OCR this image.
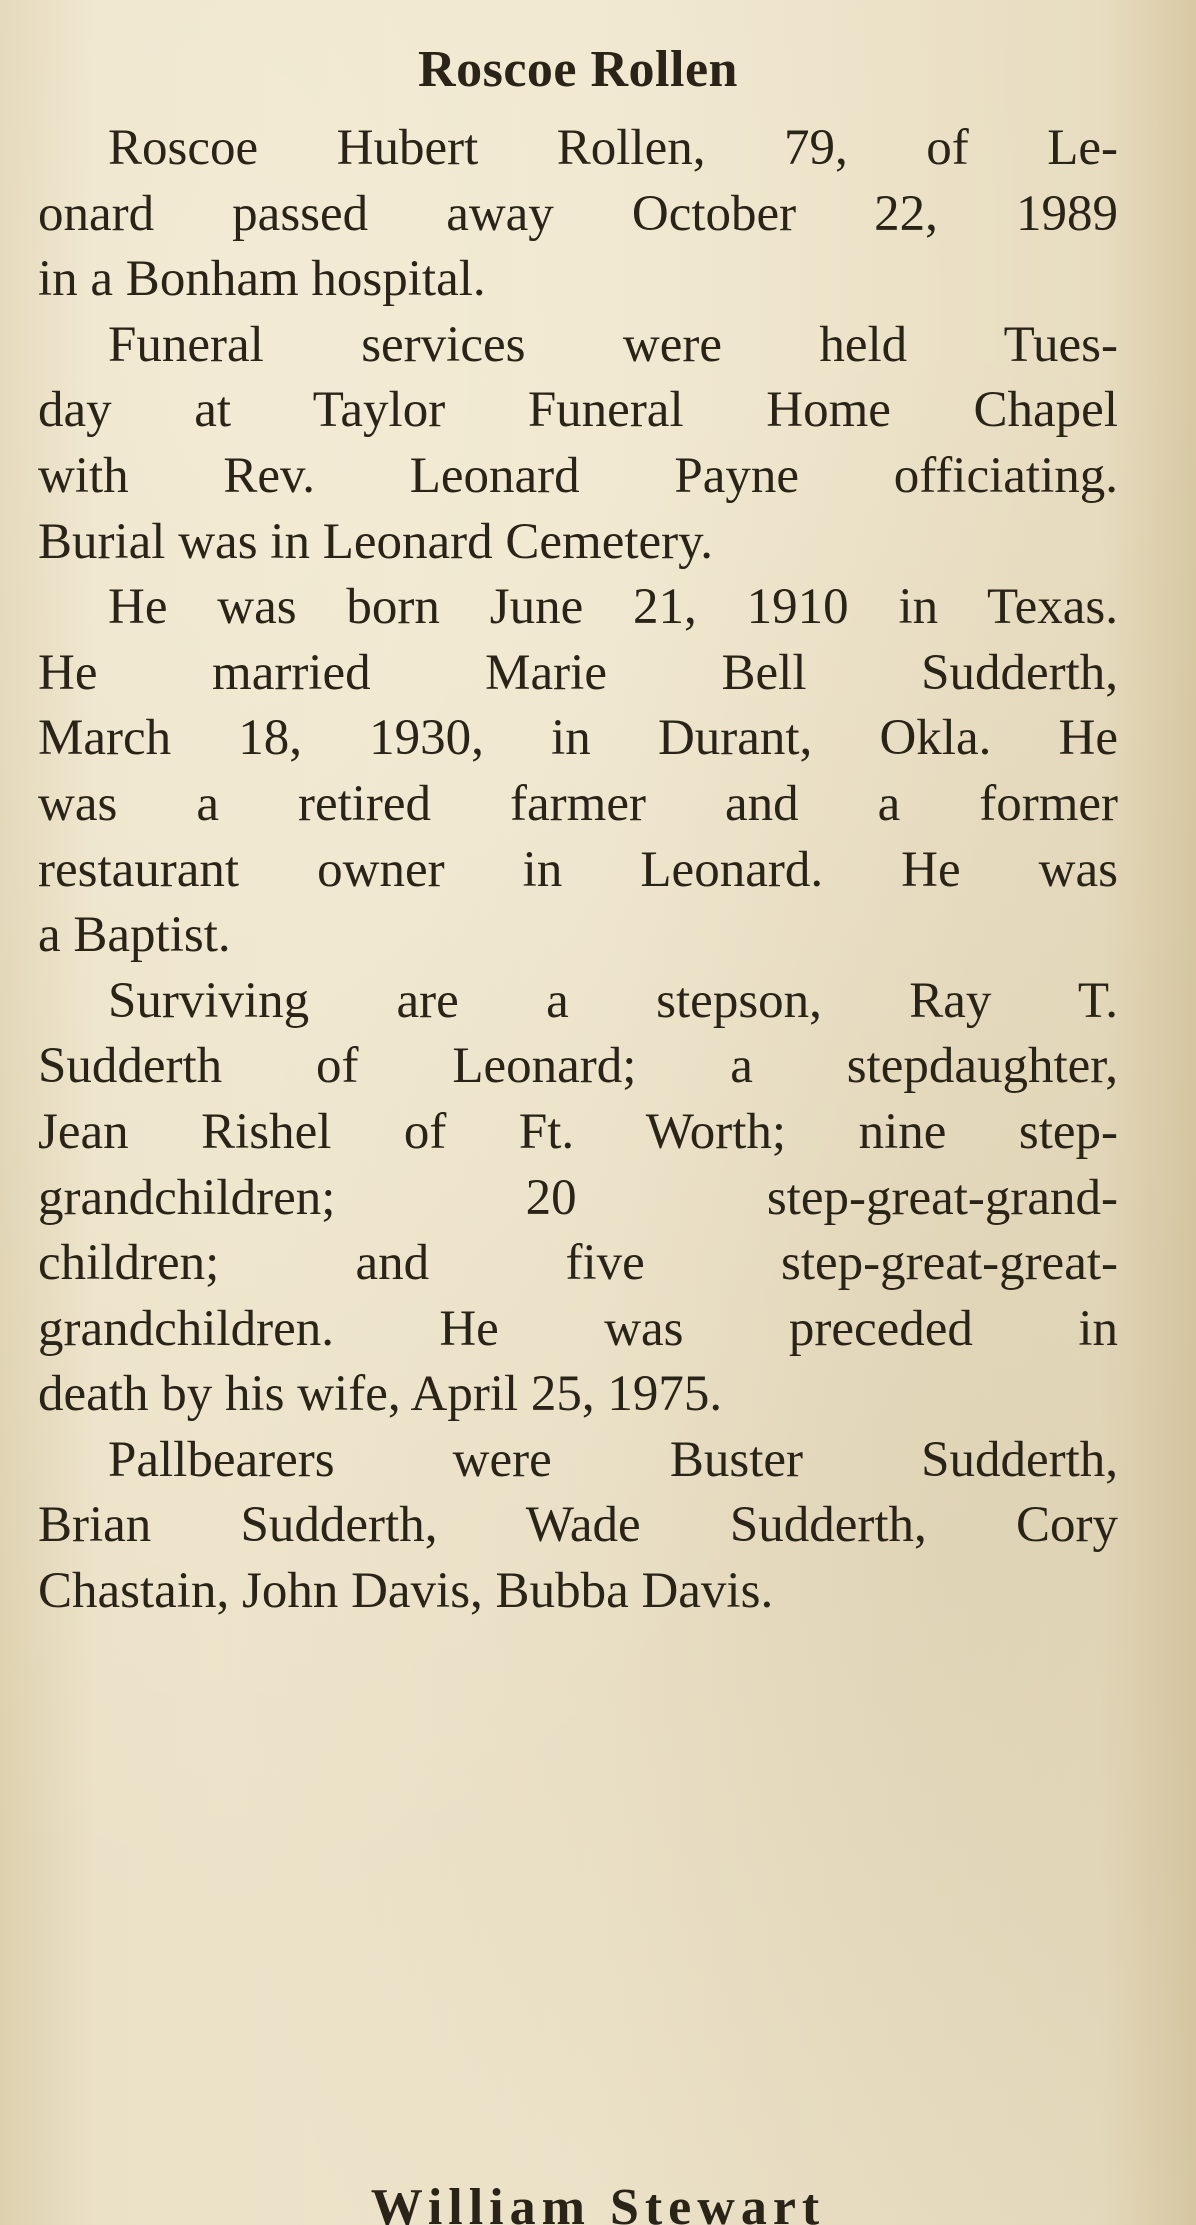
Roscoe Rollen

Roscoe Hubert Rollen, 79, of Le-
onard passed away October 22, 1989
in a Bonham hospital.

Funeral services were held Tues-
day at Taylor Funeral Home Chapel
with Rev. Leonard Payne officiating.
Burial was in Leonard Cemetery.

He was born June 21, 1910 in Texas.
He married Marie Bell Sudderth,
March 18, 1930, in Durant, Okla. He
was a retired farmer and a former
restaurant owner in Leonard. He was
a Baptist.

Surviving are a stepson, Ray T.
Sudderth of Leonard; a stepdaughter,
Jean Rishel of Ft. Worth; nine step-
grandchildren; 20 step-great-grand-
children; and five step-great-great-
grandchildren. He was preceded in
death by his wife, April 25, 1975.

Pallbearers were Buster Sudderth,
Brian Sudderth, Wade Sudderth, Cory
Chastain, John Davis, Bubba Davis.

William Stewart
